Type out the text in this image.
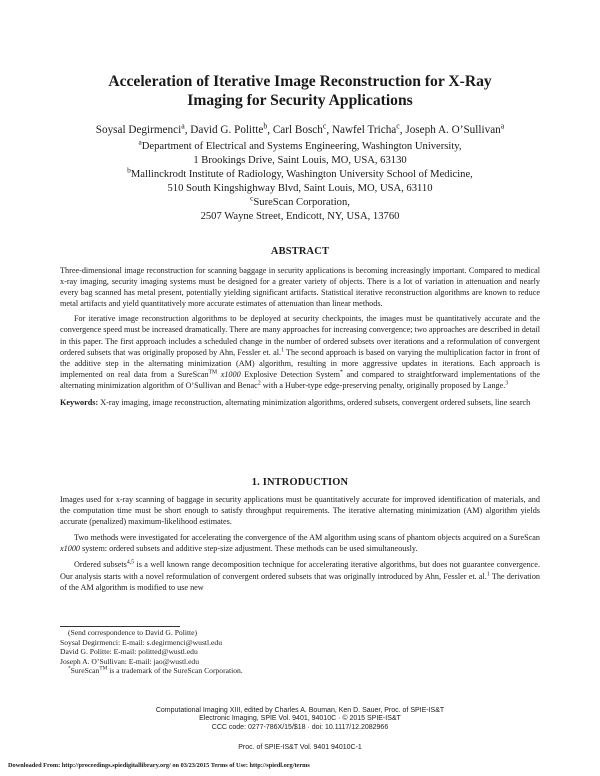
Acceleration of Iterative Image Reconstruction for X-Ray
Imaging for Security Applications
Soysal Degirmenci$^a$, David G. Politte$^b$, Carl Bosch$^c$, Nawfel Tricha$^c$, Joseph A. O’Sullivan$^a$
$^a$Department of Electrical and Systems Engineering, Washington University,
1 Brookings Drive, Saint Louis, MO, USA, 63130
$^b$Mallinckrodt Institute of Radiology, Washington University School of Medicine,
510 South Kingshighway Blvd, Saint Louis, MO, USA, 63110
$^c$SureScan Corporation,
2507 Wayne Street, Endicott, NY, USA, 13760
ABSTRACT

Three-dimensional image reconstruction for scanning baggage in security applications is becoming increasingly important. Compared to medical x-ray imaging, security imaging systems must be designed for a greater variety of objects. There is a lot of variation in attenuation and nearly every bag scanned has metal present, potentially yielding significant artifacts. Statistical iterative reconstruction algorithms are known to reduce metal artifacts and yield quantitatively more accurate estimates of attenuation than linear methods.

For iterative image reconstruction algorithms to be deployed at security checkpoints, the images must be quantitatively accurate and the convergence speed must be increased dramatically. There are many approaches for increasing convergence; two approaches are described in detail in this paper. The first approach includes a scheduled change in the number of ordered subsets over iterations and a reformulation of convergent ordered subsets that was originally proposed by Ahn, Fessler et. al.$^1$ The second approach is based on varying the multiplication factor in front of the additive step in the alternating minimization (AM) algorithm, resulting in more aggressive updates in iterations. Each approach is implemented on real data from a SureScan™ x1000 Explosive Detection System* and compared to straightforward implementations of the alternating minimization algorithm of O’Sullivan and Benac$^2$ with a Huber-type edge-preserving penalty, originally proposed by Lange.$^3$

Keywords: X-ray imaging, image reconstruction, alternating minimization algorithms, ordered subsets, convergent ordered subsets, line search

1. INTRODUCTION

Images used for x-ray scanning of baggage in security applications must be quantitatively accurate for improved identification of materials, and the computation time must be short enough to satisfy throughput requirements. The iterative alternating minimization (AM) algorithm yields accurate (penalized) maximum-likelihood estimates.

Two methods were investigated for accelerating the convergence of the AM algorithm using scans of phantom objects acquired on a SureScan x1000 system: ordered subsets and additive step-size adjustment. These methods can be used simultaneously.

Ordered subsets$^{4,5}$ is a well known range decomposition technique for accelerating iterative algorithms, but does not guarantee convergence. Our analysis starts with a novel reformulation of convergent ordered subsets that was originally introduced by Ahn, Fessler et. al.$^1$ The derivation of the AM algorithm is modified to use new

(Send correspondence to David G. Politte)
Soysal Degirmenci: E-mail: s.degirmenci@wustl.edu
David G. Politte: E-mail: politted@wustl.edu
Joseph A. O’Sullivan: E-mail: jao@wustl.edu
*SureScan™ is a trademark of the SureScan Corporation.
Computational Imaging XIII, edited by Charles A. Bouman, Ken D. Sauer, Proc. of SPIE-IS&T
Electronic Imaging, SPIE Vol. 9401, 94010C · © 2015 SPIE-IS&T
CCC code: 0277-786X/15/$18 · doi: 10.1117/12.2082966
Proc. of SPIE-IS&T Vol. 9401 94010C-1
Downloaded From: http://proceedings.spiedigitallibrary.org/ on 03/23/2015 Terms of Use: http://spiedl.org/terms
